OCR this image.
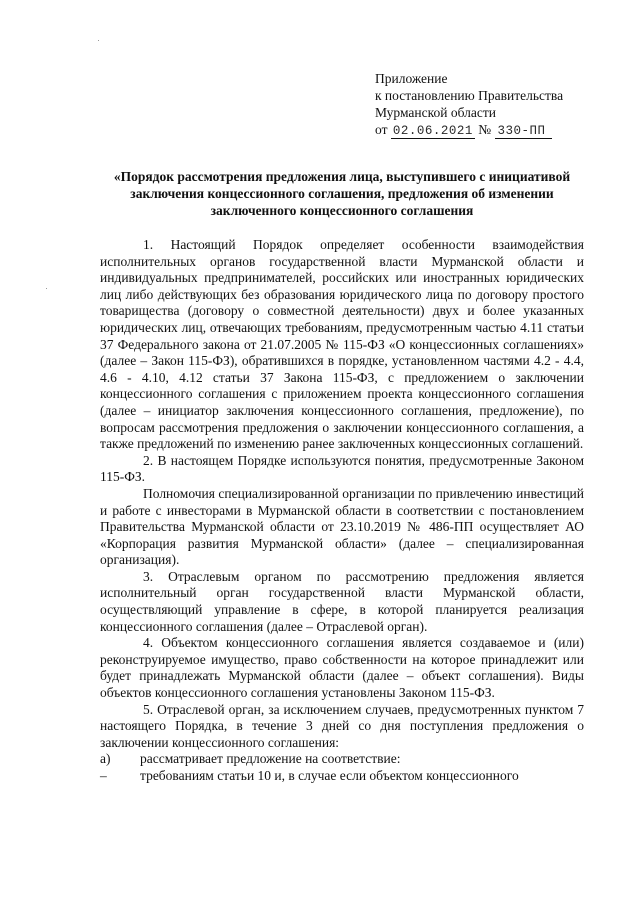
Приложение
к постановлению Правительства
Мурманской области
от 02.06.2021 № 330-ПП
«Порядок рассмотрения предложения лица, выступившего с инициативой заключения концессионного соглашения, предложения об изменении заключенного концессионного соглашения

1. Настоящий Порядок определяет особенности взаимодействия исполнительных органов государственной власти Мурманской области и индивидуальных предпринимателей, российских или иностранных юридических лиц либо действующих без образования юридического лица по договору простого товарищества (договору о совместной деятельности) двух и более указанных юридических лиц, отвечающих требованиям, предусмотренным частью 4.11 статьи 37 Федерального закона от 21.07.2005 № 115-ФЗ «О концессионных соглашениях» (далее – Закон 115-ФЗ), обратившихся в порядке, установленном частями 4.2 - 4.4, 4.6 - 4.10, 4.12 статьи 37 Закона 115-ФЗ, с предложением о заключении концессионного соглашения с приложением проекта концессионного соглашения (далее – инициатор заключения концессионного соглашения, предложение), по вопросам рассмотрения предложения о заключении концессионного соглашения, а также предложений по изменению ранее заключенных концессионных соглашений.

2. В настоящем Порядке используются понятия, предусмотренные Законом 115-ФЗ.

Полномочия специализированной организации по привлечению инвестиций и работе с инвесторами в Мурманской области в соответствии с постановлением Правительства Мурманской области от 23.10.2019 № 486-ПП осуществляет АО «Корпорация развития Мурманской области» (далее – специализированная организация).

3. Отраслевым органом по рассмотрению предложения является исполнительный орган государственной власти Мурманской области, осуществляющий управление в сфере, в которой планируется реализация концессионного соглашения (далее – Отраслевой орган).

4. Объектом концессионного соглашения является создаваемое и (или) реконструируемое имущество, право собственности на которое принадлежит или будет принадлежать Мурманской области (далее – объект соглашения). Виды объектов концессионного соглашения установлены Законом 115-ФЗ.

5. Отраслевой орган, за исключением случаев, предусмотренных пунктом 7 настоящего Порядка, в течение 3 дней со дня поступления предложения о заключении концессионного соглашения:

а)	рассматривает предложение на соответствие:

–	требованиям статьи 10 и, в случае если объектом концессионного
